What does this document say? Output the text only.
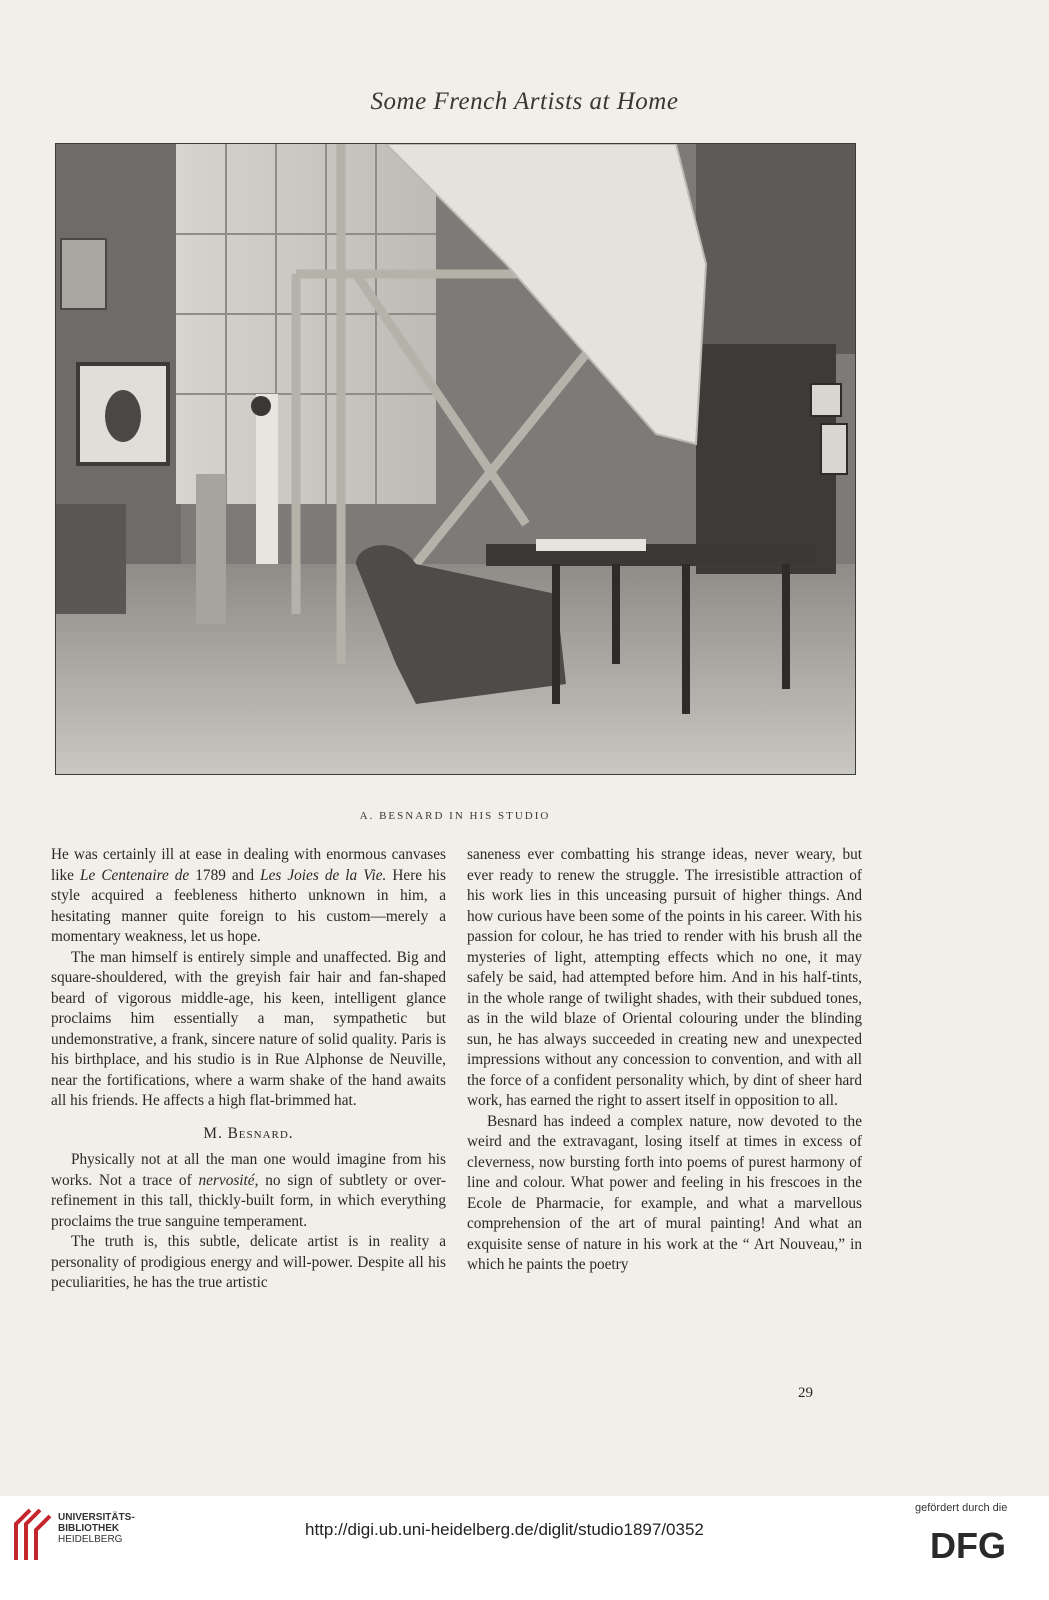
Some French Artists at Home
A. BESNARD IN HIS STUDIO

He was certainly ill at ease in dealing with enormous canvases like Le Centenaire de 1789 and Les Joies de la Vie. Here his style acquired a feebleness hitherto unknown in him, a hesitating manner quite foreign to his custom—merely a momentary weakness, let us hope.

The man himself is entirely simple and unaffected. Big and square-shouldered, with the greyish fair hair and fan-shaped beard of vigorous middle-age, his keen, intelligent glance proclaims him essentially a man, sympathetic but undemonstrative, a frank, sincere nature of solid quality. Paris is his birthplace, and his studio is in Rue Alphonse de Neuville, near the fortifications, where a warm shake of the hand awaits all his friends. He affects a high flat-brimmed hat.

M. Besnard.

Physically not at all the man one would imagine from his works. Not a trace of nervosité, no sign of subtlety or over-refinement in this tall, thickly-built form, in which everything proclaims the true sanguine temperament.

The truth is, this subtle, delicate artist is in reality a personality of prodigious energy and will-power. Despite all his peculiarities, he has the true artistic

saneness ever combatting his strange ideas, never weary, but ever ready to renew the struggle. The irresistible attraction of his work lies in this unceasing pursuit of higher things. And how curious have been some of the points in his career. With his passion for colour, he has tried to render with his brush all the mysteries of light, attempting effects which no one, it may safely be said, had attempted before him. And in his half-tints, in the whole range of twilight shades, with their subdued tones, as in the wild blaze of Oriental colouring under the blinding sun, he has always succeeded in creating new and unexpected impressions without any concession to convention, and with all the force of a confident personality which, by dint of sheer hard work, has earned the right to assert itself in opposition to all.

Besnard has indeed a complex nature, now devoted to the weird and the extravagant, losing itself at times in excess of cleverness, now bursting forth into poems of purest harmony of line and colour. What power and feeling in his frescoes in the Ecole de Pharmacie, for example, and what a marvellous comprehension of the art of mural painting! And what an exquisite sense of nature in his work at the “ Art Nouveau,” in which he paints the poetry

29
UNIVERSITÄTS-
BIBLIOTHEK
HEIDELBERG
http://digi.ub.uni-heidelberg.de/diglit/studio1897/0352
gefördert durch die
DFG
